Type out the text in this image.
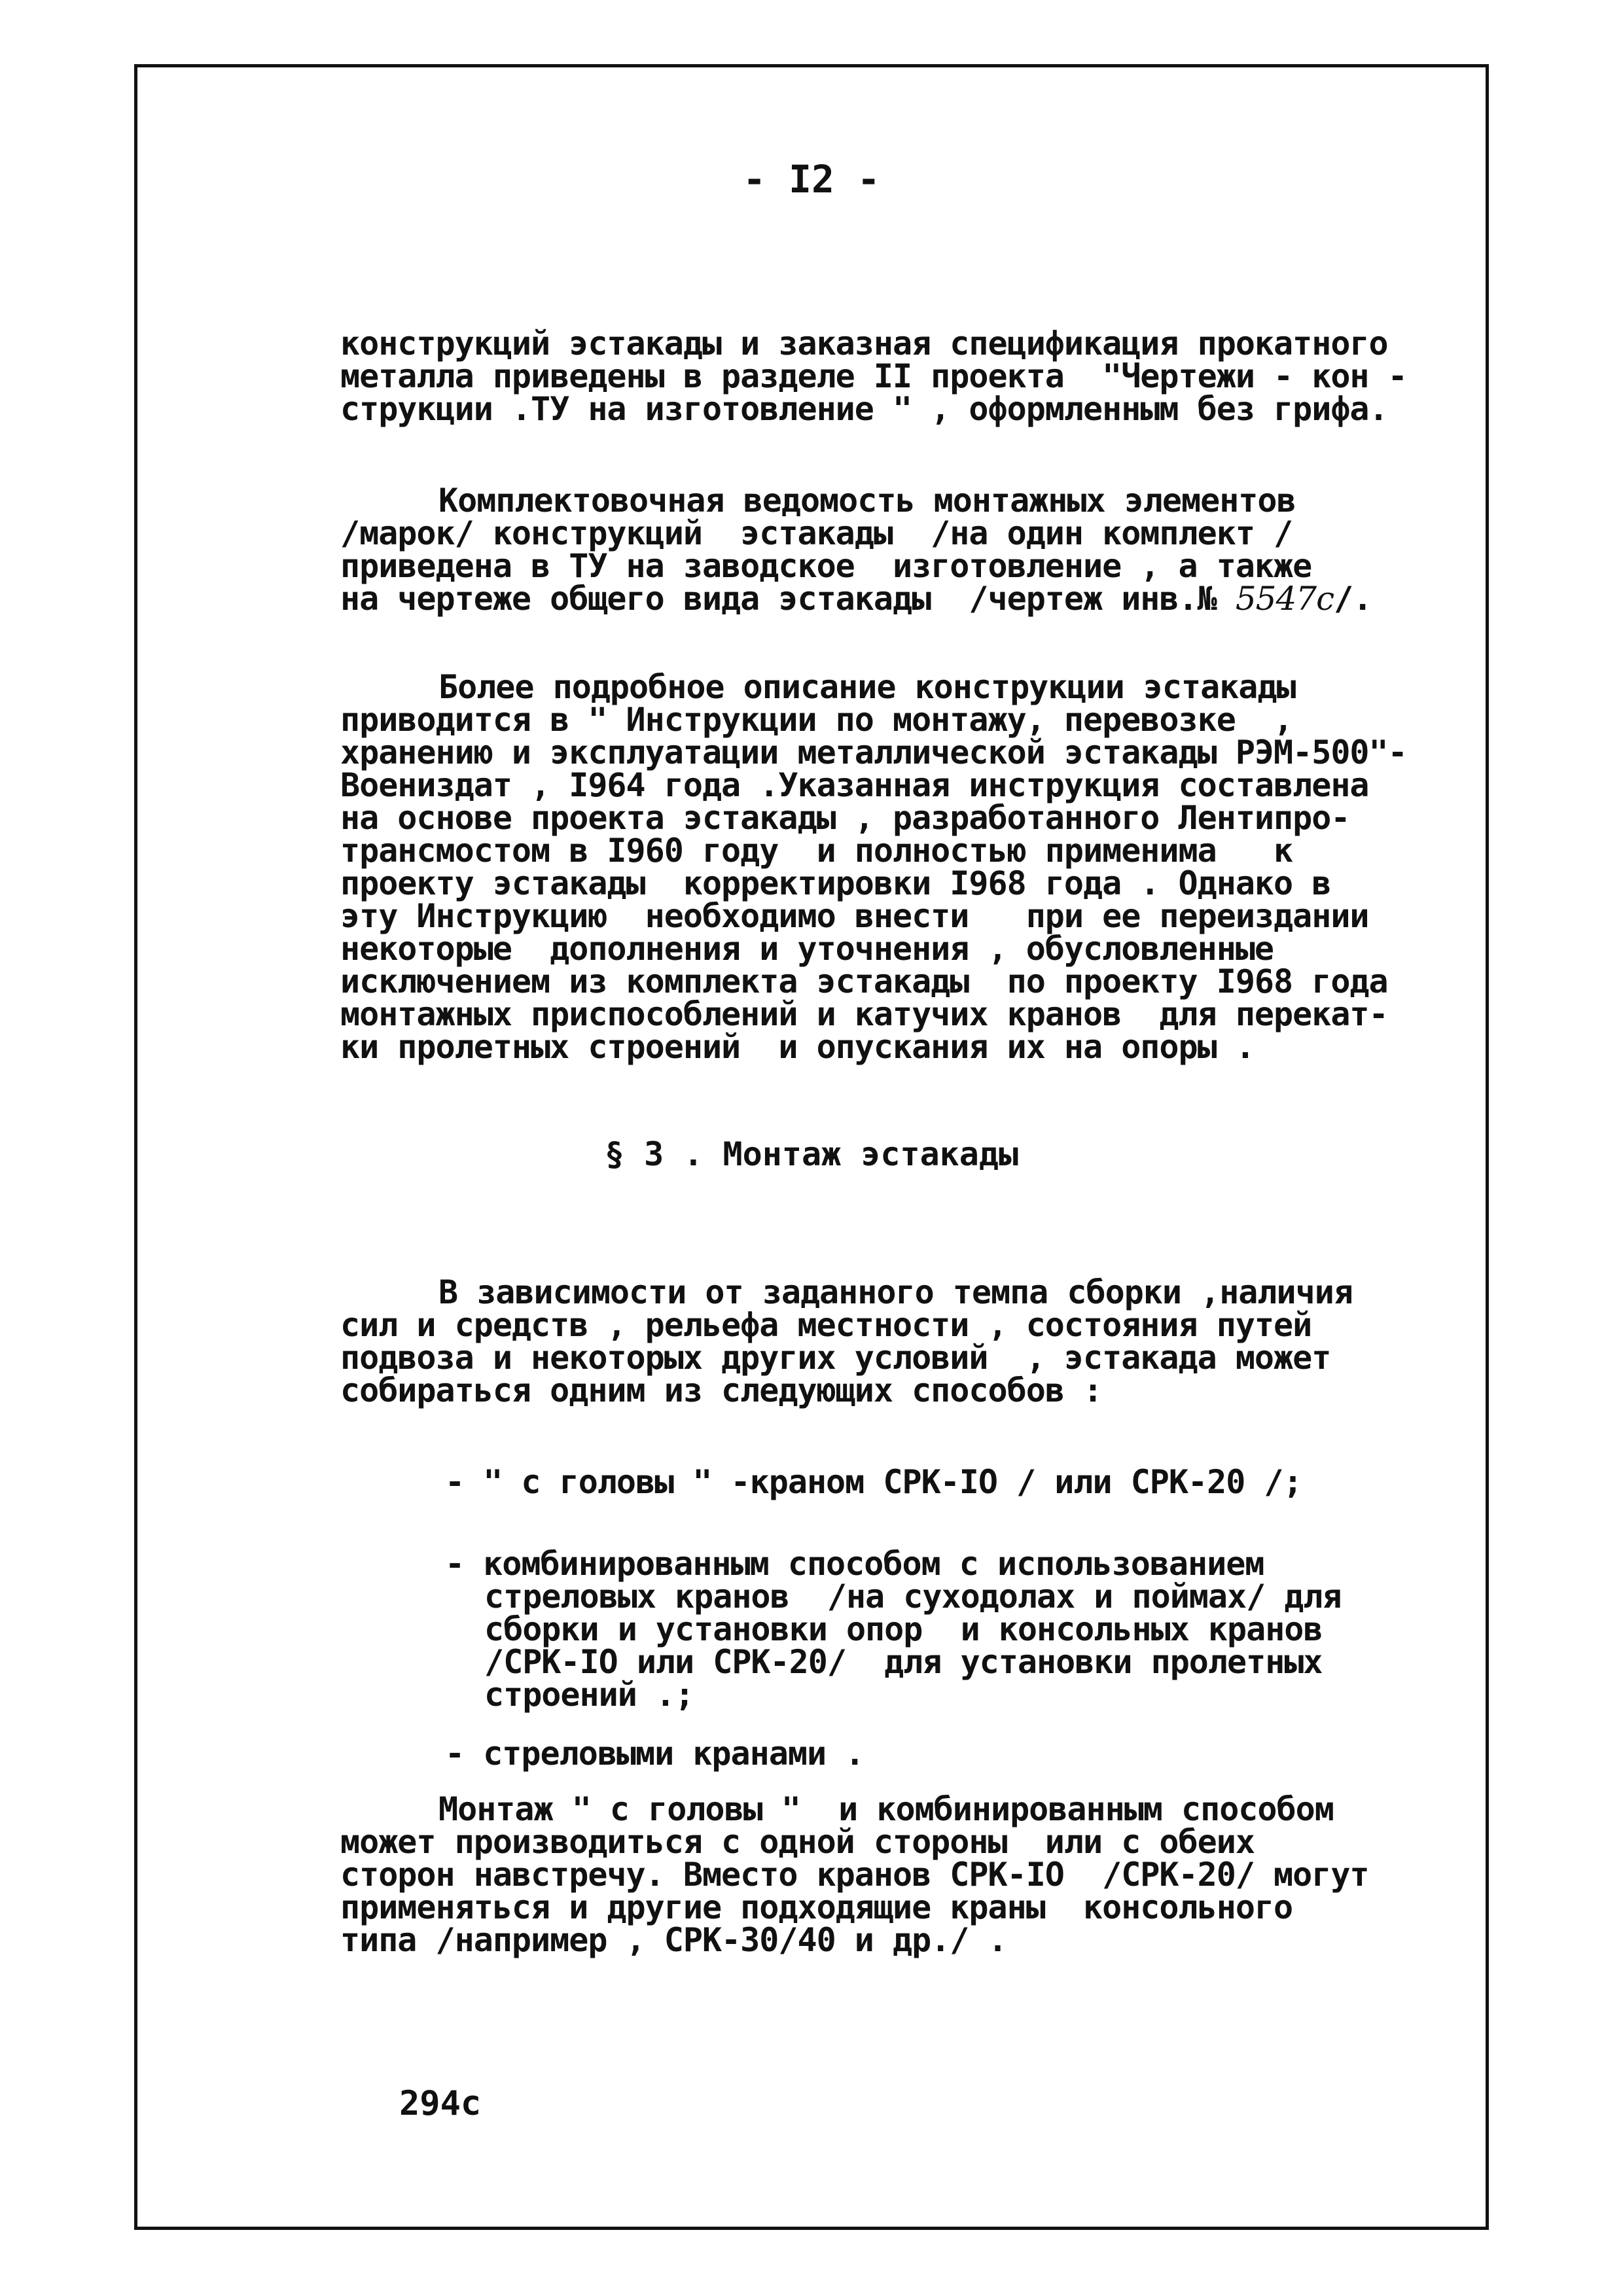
- I2 -

конструкций эстакады и заказная спецификация прокатного
металла приведены в разделе II проекта  "Чертежи - кон -
струкции .ТУ на изготовление " , оформленным без грифа.

Комплектовочная ведомость монтажных элементов
/марок/ конструкций  эстакады  /на один комплект /
приведена в ТУ на заводское  изготовление , а также
на чертеже общего вида эстакады  /чертеж инв.№ 5547с/.

Более подробное описание конструкции эстакады
приводится в " Инструкции по монтажу, перевозке  ,
хранению и эксплуатации металлической эстакады РЭМ-500"-
Воениздат , I964 года .Указанная инструкция составлена
на основе проекта эстакады , разработанного Лентипро-
трансмостом в I960 году  и полностью применима   к
проекту эстакады  корректировки I968 года . Однако в
эту Инструкцию  необходимо внести   при ее переиздании
некоторые  дополнения и уточнения , обусловленные
исключением из комплекта эстакады  по проекту I968 года
монтажных приспособлений и катучих кранов  для перекат-
ки пролетных строений  и опускания их на опоры .

§ 3 . Монтаж эстакады

В зависимости от заданного темпа сборки ,наличия
сил и средств , рельефа местности , состояния путей
подвоза и некоторых других условий  , эстакада может
собираться одним из следующих способов :

- " с головы " -краном СРК-IO / или СРК-20 /;

- комбинированным способом с использованием
стреловых кранов  /на суходолах и поймах/ для
сборки и установки опор  и консольных кранов
/СРК-IO или СРК-20/  для установки пролетных
строений .;

- стреловыми кранами .

Монтаж " с головы "  и комбинированным способом
может производиться с одной стороны  или с обеих
сторон навстречу. Вместо кранов СРК-IO  /СРК-20/ могут
применяться и другие подходящие краны  консольного
типа /например , СРК-30/40 и др./ .

294с
